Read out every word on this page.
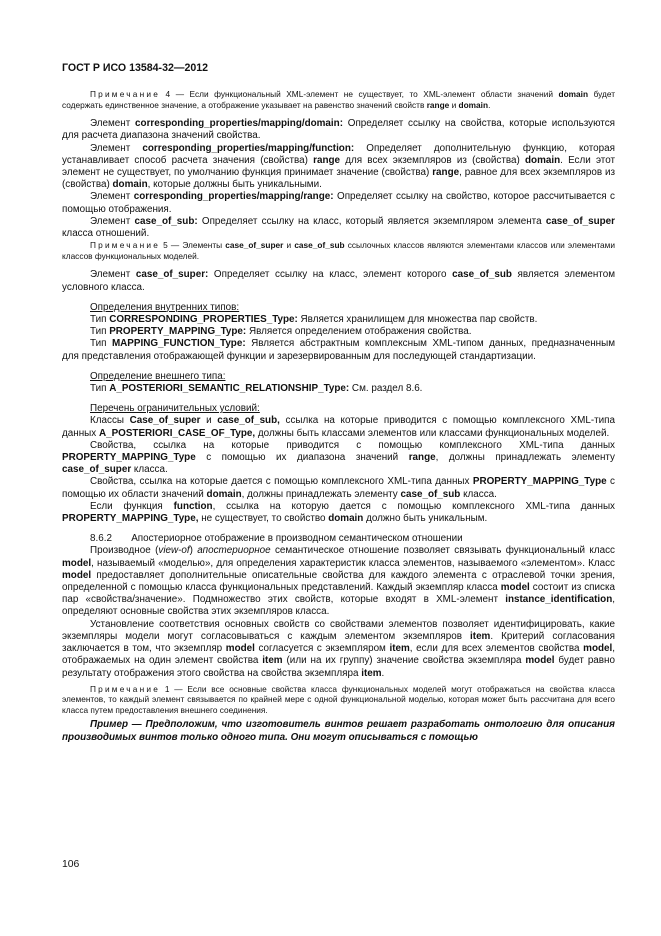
ГОСТ Р ИСО 13584-32—2012

Примечание 4 — Если функциональный XML-элемент не существует, то XML-элемент области значений domain будет содержать единственное значение, а отображение указывает на равенство значений свойств range и domain.

Элемент corresponding_properties/mapping/domain: Определяет ссылку на свойства, которые используются для расчета диапазона значений свойства.

Элемент corresponding_properties/mapping/function: Определяет дополнительную функцию, которая устанавливает способ расчета значения (свойства) range для всех экземпляров из (свойства) domain. Если этот элемент не существует, по умолчанию функция принимает значение (свойства) range, равное для всех экземпляров из (свойства) domain, которые должны быть уникальными.

Элемент corresponding_properties/mapping/range: Определяет ссылку на свойство, которое рассчитывается с помощью отображения.

Элемент case_of_sub: Определяет ссылку на класс, который является экземпляром элемента case_of_super класса отношений.

Примечание 5 — Элементы case_of_super и case_of_sub ссылочных классов являются элементами классов или элементами классов функциональных моделей.

Элемент case_of_super: Определяет ссылку на класс, элемент которого case_of_sub является элементом условного класса.

Определения внутренних типов:

Тип CORRESPONDING_PROPERTIES_Type: Является хранилищем для множества пар свойств.

Тип PROPERTY_MAPPING_Type: Является определением отображения свойства.

Тип MAPPING_FUNCTION_Type: Является абстрактным комплексным XML-типом данных, предназначенным для представления отображающей функции и зарезервированным для последующей стандартизации.

Определение внешнего типа:

Тип A_POSTERIORI_SEMANTIC_RELATIONSHIP_Type: См. раздел 8.6.

Перечень ограничительных условий:

Классы Case_of_super и case_of_sub, ссылка на которые приводится с помощью комплексного XML-типа данных A_POSTERIORI_CASE_OF_Type, должны быть классами элементов или классами функциональных моделей.

Свойства, ссылка на которые приводится с помощью комплексного XML-типа данных PROPERTY_MAPPING_Type с помощью их диапазона значений range, должны принадлежать элементу case_of_super класса.

Свойства, ссылка на которые дается с помощью комплексного XML-типа данных PROPERTY_MAPPING_Type с помощью их области значений domain, должны принадлежать элементу case_of_sub класса.

Если функция function, ссылка на которую дается с помощью комплексного XML-типа данных PROPERTY_MAPPING_Type, не существует, то свойство domain должно быть уникальным.

8.6.2 Апостериорное отображение в производном семантическом отношении

Производное (view-of) апостериорное семантическое отношение позволяет связывать функциональный класс model, называемый «моделью», для определения характеристик класса элементов, называемого «элементом». Класс model предоставляет дополнительные описательные свойства для каждого элемента с отраслевой точки зрения, определенной с помощью класса функциональных представлений. Каждый экземпляр класса model состоит из списка пар «свойства/значение». Подмножество этих свойств, которые входят в XML-элемент instance_identification, определяют основные свойства этих экземпляров класса.

Установление соответствия основных свойств со свойствами элементов позволяет идентифицировать, какие экземпляры модели могут согласовываться с каждым элементом экземпляров item. Критерий согласования заключается в том, что экземпляр model согласуется с экземпляром item, если для всех элементов свойства model, отображаемых на один элемент свойства item (или на их группу) значение свойства экземпляра model будет равно результату отображения этого свойства на свойства экземпляра item.

Примечание 1 — Если все основные свойства класса функциональных моделей могут отображаться на свойства класса элементов, то каждый элемент связывается по крайней мере с одной функциональной моделью, которая может быть рассчитана для всего класса путем предоставления внешнего соединения.

Пример — Предположим, что изготовитель винтов решает разработать онтологию для описания производимых винтов только одного типа. Они могут описываться с помощью

106
